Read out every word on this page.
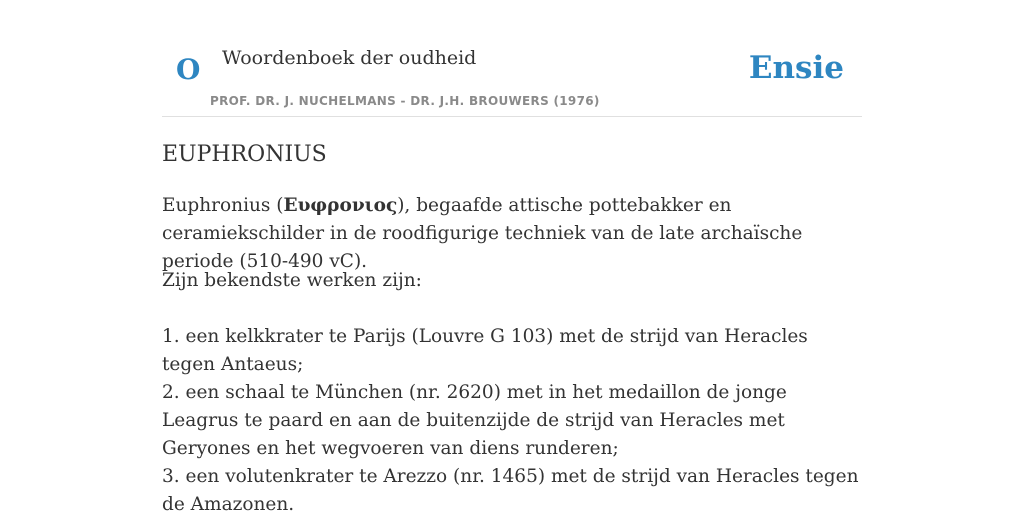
O Woordenboek der oudheid
PROF. DR. J. NUCHELMANS - DR. J.H. BROUWERS (1976)
Ensie
EUPHRONIUS

Euphronius (Ευφρονιος), begaafde attische pottebakker en ceramiekschilder in de roodfigurige techniek van de late archaïsche periode (510-490 vC).

Zijn bekendste werken zijn:

1. een kelkkrater te Parijs (Louvre G 103) met de strijd van Heracles tegen Antaeus;
2. een schaal te München (nr. 2620) met in het medaillon de jonge Leagrus te paard en aan de buitenzijde de strijd van Heracles met Geryones en het wegvoeren van diens runderen;
3. een volutenkrater te Arezzo (nr. 1465) met de strijd van Heracles tegen de Amazonen.
